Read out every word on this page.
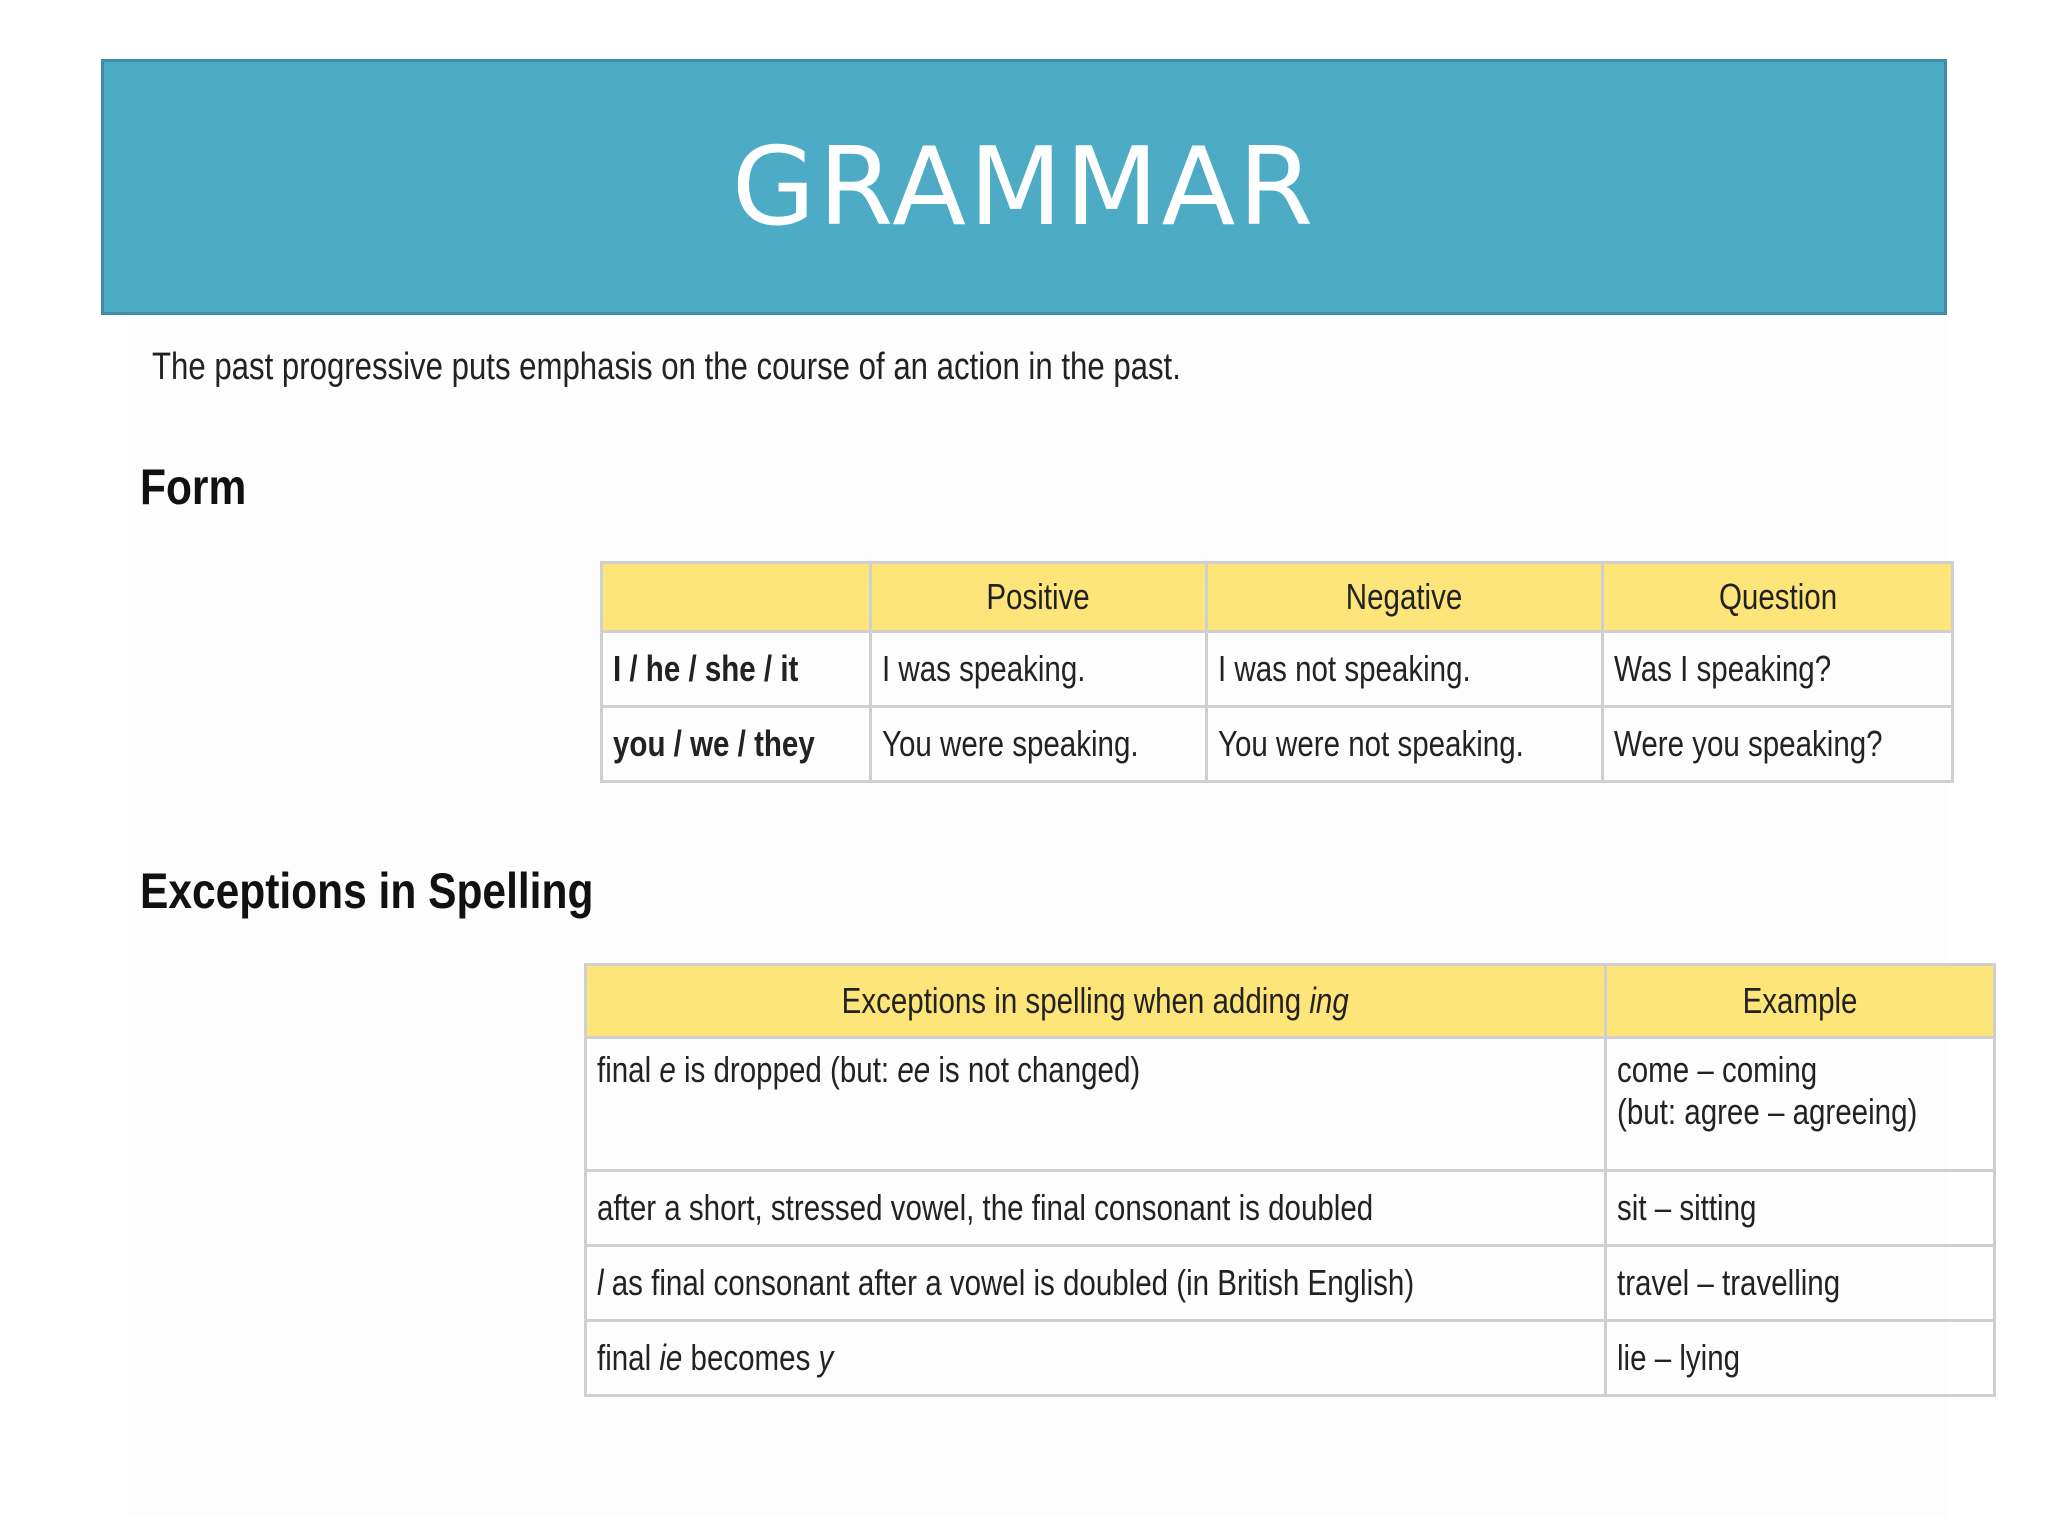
GRAMMAR
The past progressive puts emphasis on the course of an action in the past.
Form
	Positive	Negative	Question
I / he / she / it	I was speaking.	I was not speaking.	Was I speaking?
you / we / they	You were speaking.	You were not speaking.	Were you speaking?
Exceptions in Spelling
Exceptions in spelling when adding ing	Example
final e is dropped (but: ee is not changed)	come – coming
(but: agree – agreeing)
after a short, stressed vowel, the final consonant is doubled	sit – sitting
l as final consonant after a vowel is doubled (in British English)	travel – travelling
final ie becomes y	lie – lying
